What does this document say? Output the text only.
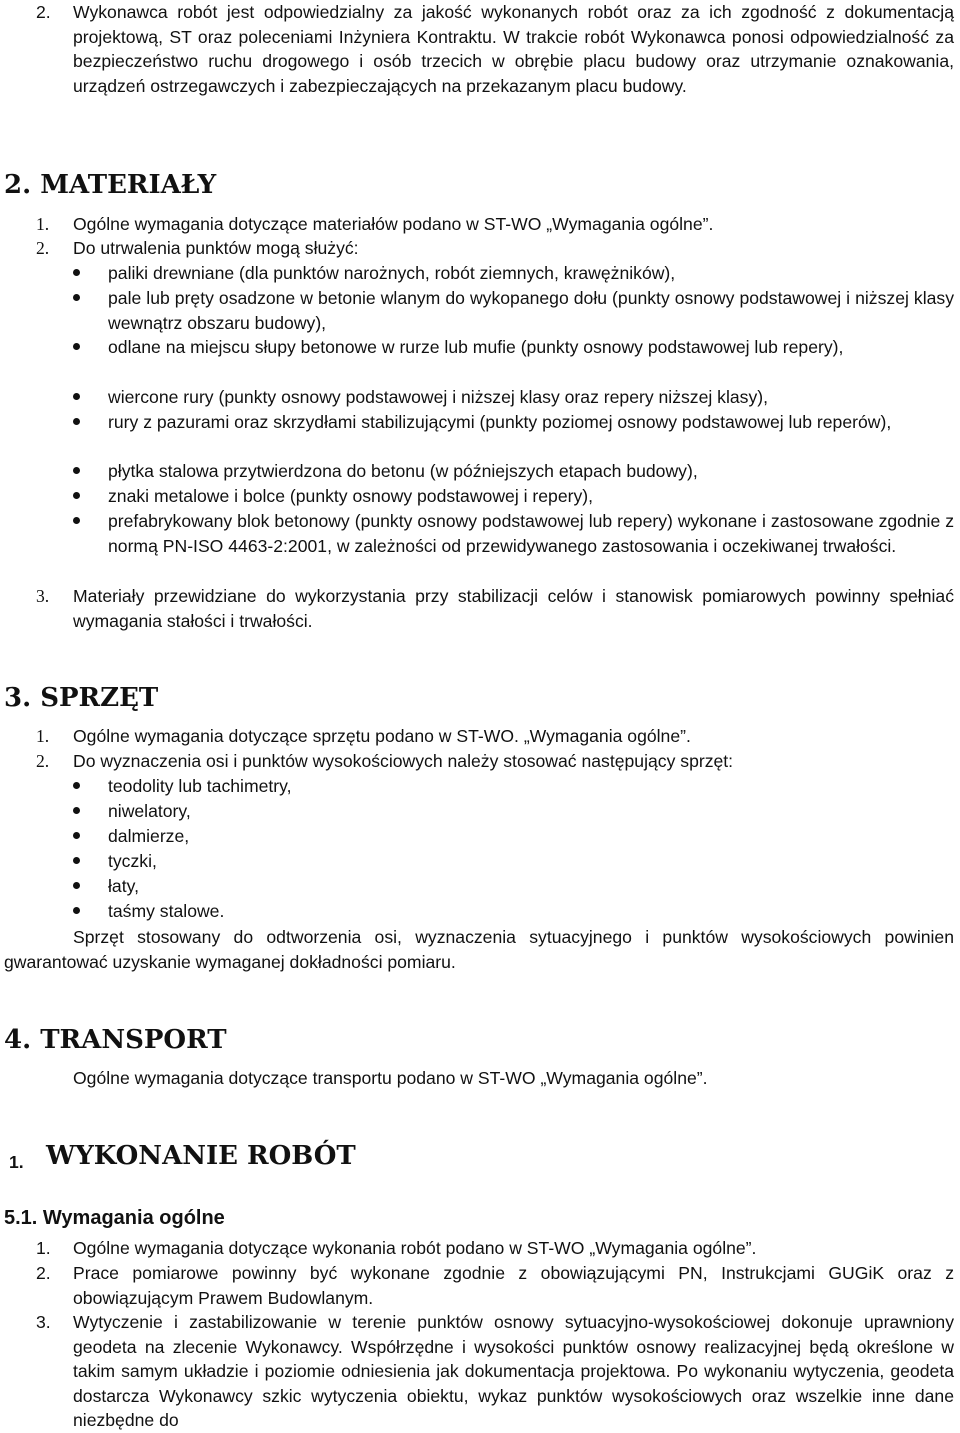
2. Wykonawca robót jest odpowiedzialny za jakość wykonanych robót oraz za ich zgodność z dokumentacją projektową, ST oraz poleceniami Inżyniera Kontraktu. W trakcie robót Wykonawca ponosi odpowiedzialność za bezpieczeństwo ruchu drogowego i osób trzecich w obrębie placu budowy oraz utrzymanie oznakowania, urządzeń ostrzegawczych i zabezpieczających na przekazanym placu budowy.
2. MATERIAŁY
1. Ogólne wymagania dotyczące materiałów podano w ST-WO „Wymagania ogólne”.
2. Do utrwalenia punktów mogą służyć:
paliki drewniane (dla punktów narożnych, robót ziemnych, krawężników),
pale lub pręty osadzone w betonie wlanym do wykopanego dołu (punkty osnowy podstawowej i niższej klasy wewnątrz obszaru budowy),
odlane na miejscu słupy betonowe w rurze lub mufie (punkty osnowy podstawowej lub repery),
wiercone rury (punkty osnowy podstawowej i niższej klasy oraz repery niższej klasy),
rury z pazurami oraz skrzydłami stabilizującymi (punkty poziomej osnowy podstawowej lub reperów),
płytka stalowa przytwierdzona do betonu (w późniejszych etapach budowy),
znaki metalowe i bolce (punkty osnowy podstawowej i repery),
prefabrykowany blok betonowy (punkty osnowy podstawowej lub repery) wykonane i zastosowane zgodnie z normą PN-ISO 4463-2:2001, w zależności od przewidywanego zastosowania i oczekiwanej trwałości.
3. Materiały przewidziane do wykorzystania przy stabilizacji celów i stanowisk pomiarowych powinny spełniać wymagania stałości i trwałości.
3. SPRZĘT
1. Ogólne wymagania dotyczące sprzętu podano w ST-WO. „Wymagania ogólne”.
2. Do wyznaczenia osi i punktów wysokościowych należy stosować następujący sprzęt:
teodolity lub tachimetry,
niwelatory,
dalmierze,
tyczki,
łaty,
taśmy stalowe.
Sprzęt stosowany do odtworzenia osi, wyznaczenia sytuacyjnego i punktów wysokościowych powinien gwarantować uzyskanie wymaganej dokładności pomiaru.
4. TRANSPORT
Ogólne wymagania dotyczące transportu podano w ST-WO „Wymagania ogólne”.
1. WYKONANIE ROBÓT
5.1. Wymagania ogólne
1. Ogólne wymagania dotyczące wykonania robót podano w ST-WO „Wymagania ogólne”.
2. Prace pomiarowe powinny być wykonane zgodnie z obowiązującymi PN, Instrukcjami GUGiK oraz z obowiązującym Prawem Budowlanym.
3. Wytyczenie i zastabilizowanie w terenie punktów osnowy sytuacyjno-wysokościowej dokonuje uprawniony geodeta na zlecenie Wykonawcy. Współrzędne i wysokości punktów osnowy realizacyjnej będą określone w takim samym układzie i poziomie odniesienia jak dokumentacja projektowa. Po wykonaniu wytyczenia, geodeta dostarcza Wykonawcy szkic wytyczenia obiektu, wykaz punktów wysokościowych oraz wszelkie inne dane niezbędne do
